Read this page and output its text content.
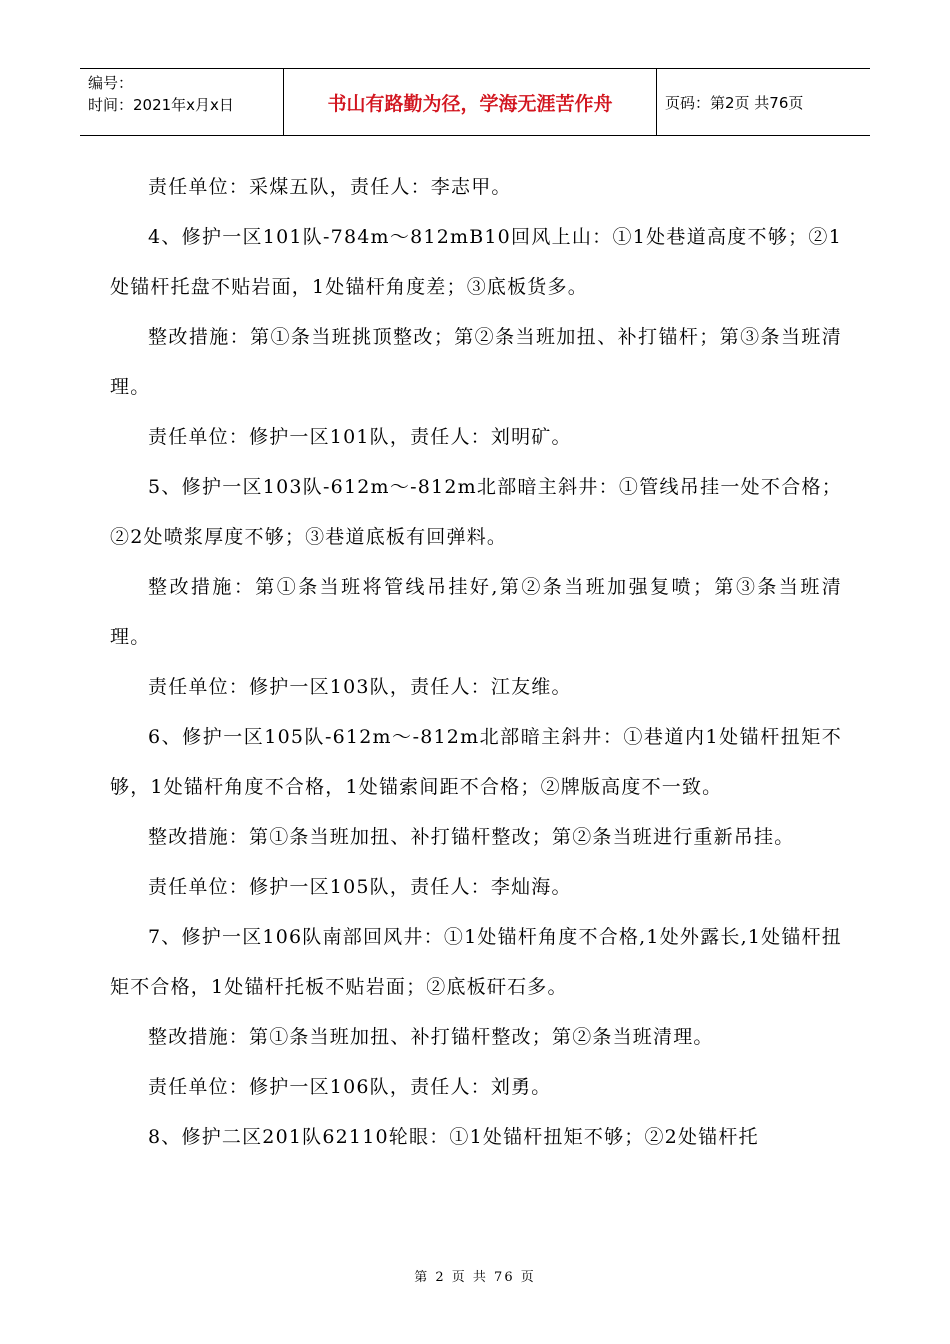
编号：
时间：2021年x月x日	书山有路勤为径，学海无涯苦作舟	页码：第2页 共76页

责任单位：采煤五队，责任人：李志甲。

4、修护一区101队-784m～812mB10回风上山：①1处巷道高度不够；②1处锚杆托盘不贴岩面，1处锚杆角度差；③底板货多。

整改措施：第①条当班挑顶整改；第②条当班加扭、补打锚杆；第③条当班清理。

责任单位：修护一区101队，责任人：刘明矿。

5、修护一区103队-612m～-812m北部暗主斜井：①管线吊挂一处不合格；②2处喷浆厚度不够；③巷道底板有回弹料。

整改措施：第①条当班将管线吊挂好,第②条当班加强复喷；第③条当班清理。

责任单位：修护一区103队，责任人：江友维。

6、修护一区105队-612m～-812m北部暗主斜井：①巷道内1处锚杆扭矩不够，1处锚杆角度不合格，1处锚索间距不合格；②牌版高度不一致。

整改措施：第①条当班加扭、补打锚杆整改；第②条当班进行重新吊挂。

责任单位：修护一区105队，责任人：李灿海。

7、修护一区106队南部回风井：①1处锚杆角度不合格,1处外露长,1处锚杆扭矩不合格，1处锚杆托板不贴岩面；②底板矸石多。

整改措施：第①条当班加扭、补打锚杆整改；第②条当班清理。

责任单位：修护一区106队，责任人：刘勇。

8、修护二区201队62110轮眼：①1处锚杆扭矩不够；②2处锚杆托

第 2 页 共 76 页
